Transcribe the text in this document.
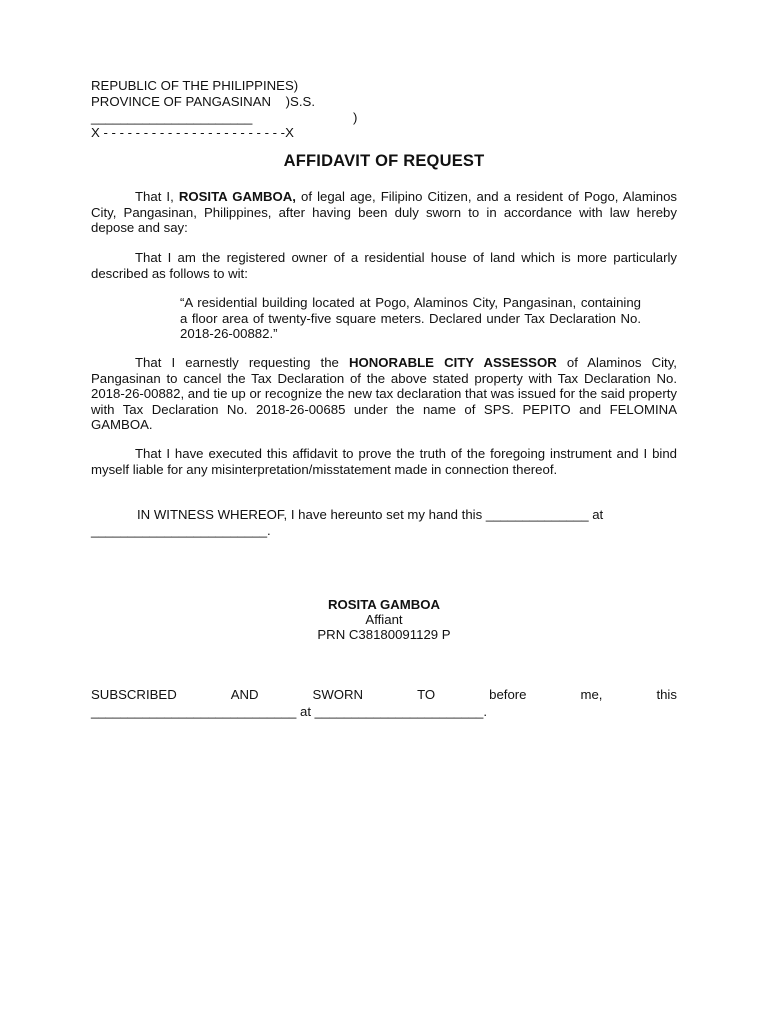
REPUBLIC OF THE PHILIPPINES)
PROVINCE OF PANGASINAN    )S.S.
______________________	)
X - - - - - - - - - - - - - - - - - - - - - - -X
AFFIDAVIT OF REQUEST
That I, ROSITA GAMBOA, of legal age, Filipino Citizen, and a resident of Pogo, Alaminos City, Pangasinan, Philippines, after having been duly sworn to in accordance with law hereby depose and say:
That I am the registered owner of a residential house of land which is more particularly described as follows to wit:
“A residential building located at Pogo, Alaminos City, Pangasinan, containing a floor area of twenty-five square meters. Declared under Tax Declaration No. 2018-26-00882.”
That I earnestly requesting the HONORABLE CITY ASSESSOR of Alaminos City, Pangasinan to cancel the Tax Declaration of the above stated property with Tax Declaration No. 2018-26-00882, and tie up or recognize the new tax declaration that was issued for the said property with Tax Declaration No. 2018-26-00685 under the name of SPS. PEPITO and FELOMINA GAMBOA.
That I have executed this affidavit to prove the truth of the foregoing instrument and I bind myself liable for any misinterpretation/misstatement made in connection thereof.
IN WITNESS WHEREOF, I have hereunto set my hand this ______________ at
________________________.
ROSITA GAMBOA
Affiant
PRN C38180091129 P
SUBSCRIBED	AND	SWORN	TO	before	me,	this
____________________________ at _______________________.
